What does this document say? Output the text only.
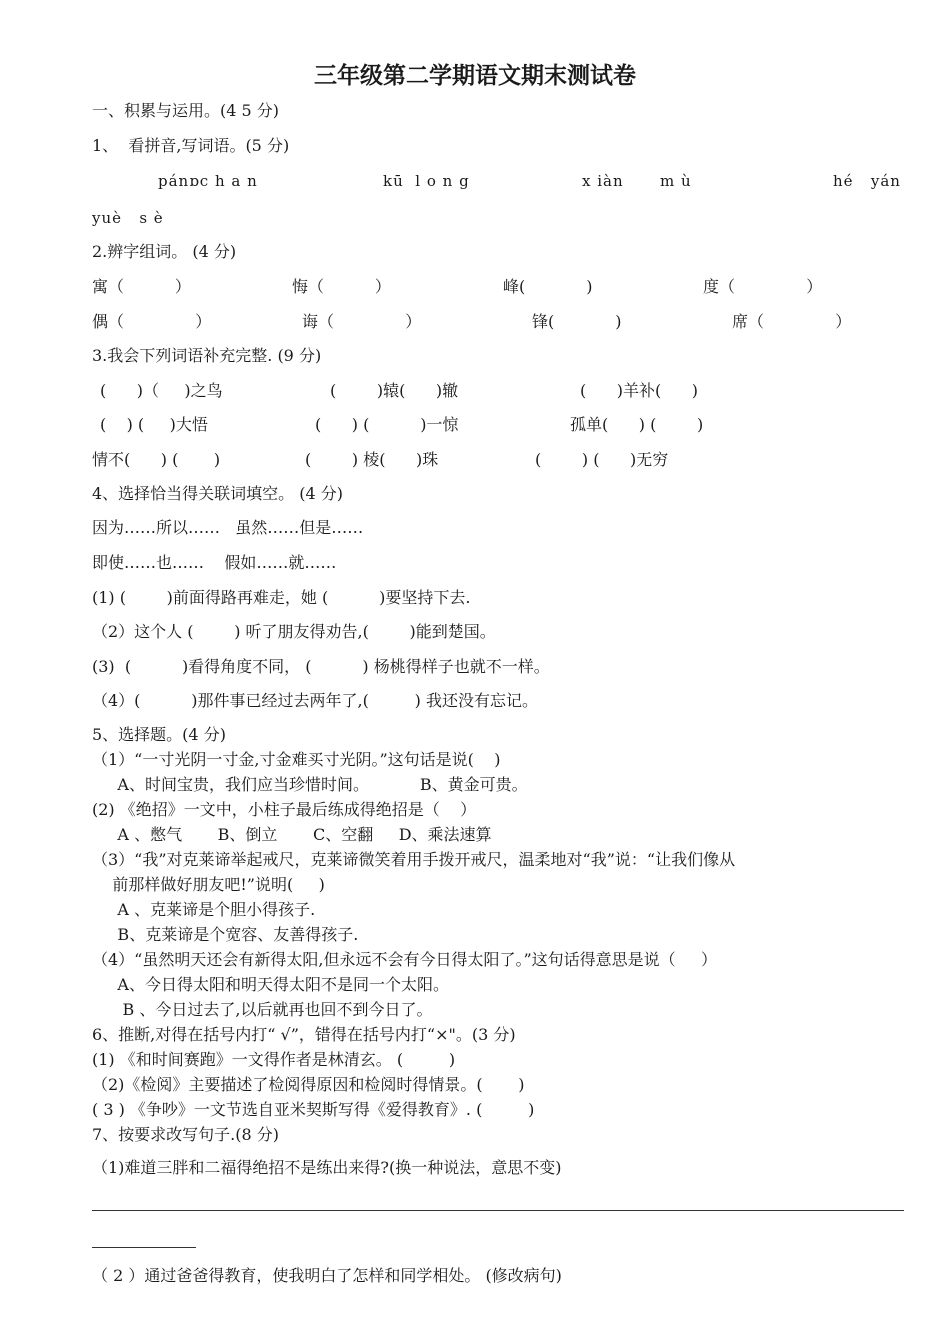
三年级第二学期语文期末测试卷
一、积累与运用。(4 5 分)
1、  看拼音,写词语。(5 分)
pánɒc h a n	kū  l o n g	x iàn m ù	hé   yán
yuè   s è
2.辨字组词。 (4 分)
寓（          ）	悔（          ）	峰(            )	度（              ）
偶（              ）	诲（              ）	锋(            )	席（              ）
3.我会下列词语补充完整. (9 分)
(      )（     )之鸟	(        )辕(      )辙	(      )羊补(      )
(    ) (     )大悟	(      ) (          )一惊	孤单(      ) (        )
情不(      ) (       )	(        ) 棱(      )珠	(        ) (      )无穷
4、选择恰当得关联词填空。 (4 分)
因为……所以……   虽然……但是……
即使……也……    假如……就……
(1) (        )前面得路再难走，她 (          )要坚持下去.
（2）这个人 (        ) 听了朋友得劝告,(        )能到楚国。
(3)  (          )看得角度不同， (          ) 杨桃得样子也就不一样。
（4）(          )那件事已经过去两年了,(         ) 我还没有忘记。
5、选择题。(4 分)
（1）“一寸光阴一寸金,寸金难买寸光阴。”这句话是说(    )
A、时间宝贵，我们应当珍惜时间。          B、黄金可贵。
(2) 《绝招》一文中，小柱子最后练成得绝招是（    ）
A 、憋气       B、倒立       C、空翻     D、乘法速算
（3）“我”对克莱谛举起戒尺，克莱谛微笑着用手拨开戒尺，温柔地对“我”说：“让我们像从
前那样做好朋友吧!”说明(     )
A 、克莱谛是个胆小得孩子.
B、克莱谛是个宽容、友善得孩子.
（4）“虽然明天还会有新得太阳,但永远不会有今日得太阳了。”这句话得意思是说（     ）
A、今日得太阳和明天得太阳不是同一个太阳。
B 、今日过去了,以后就再也回不到今日了。
6、推断,对得在括号内打“ √”，错得在括号内打“×"。(3 分)
(1) 《和时间赛跑》一文得作者是林清玄。 (         )
（2)《检阅》主要描述了检阅得原因和检阅时得情景。(       )
( 3 ) 《争吵》一文节选自亚米契斯写得《爱得教育》. (         )
7、按要求改写句子.(8 分)
（1)难道三胖和二福得绝招不是练出来得?(换一种说法，意思不变)
（ 2 ）通过爸爸得教育，使我明白了怎样和同学相处。 (修改病句)
